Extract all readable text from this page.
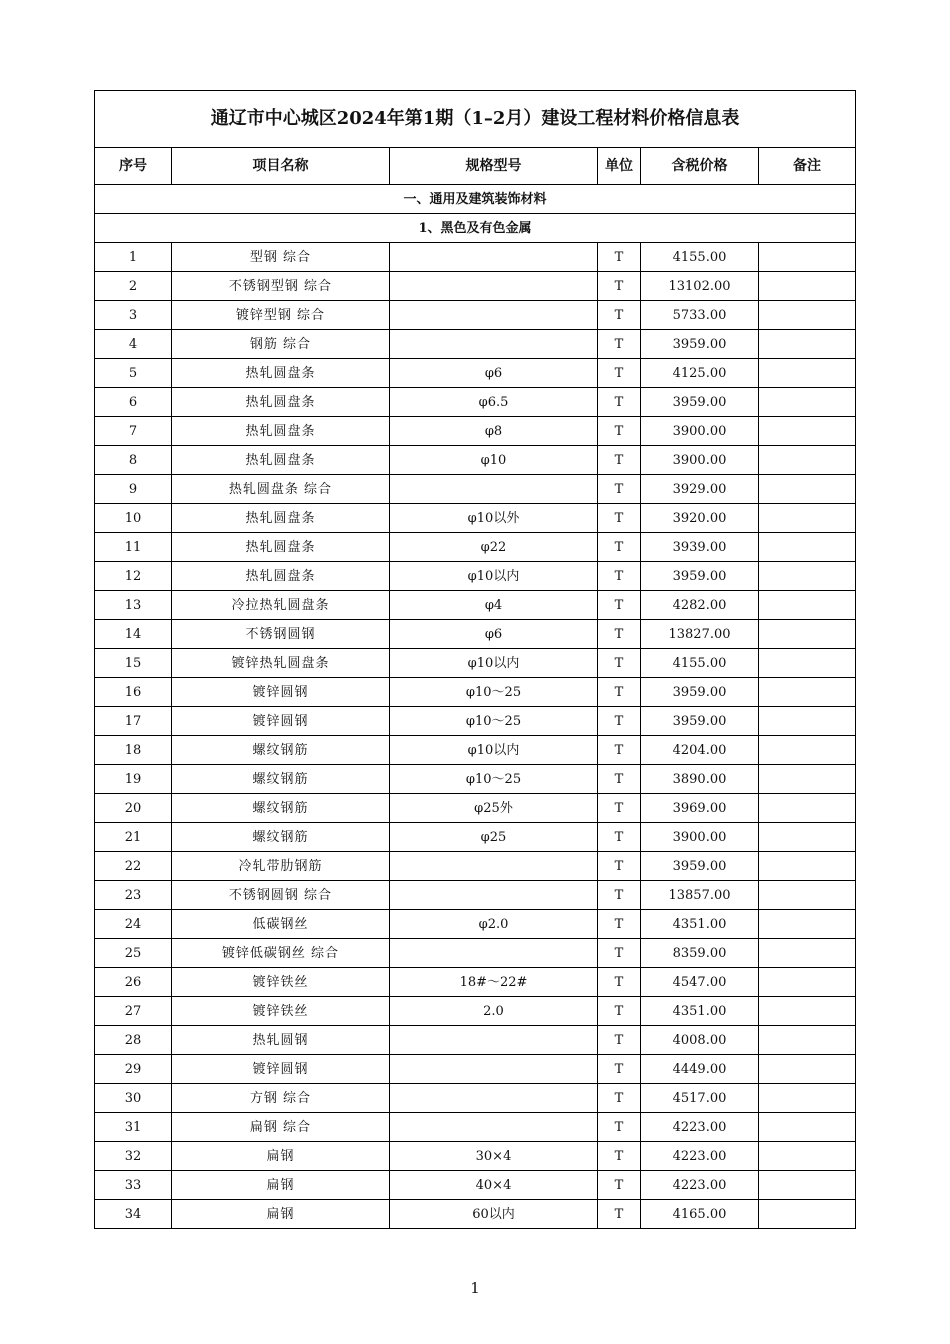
通辽市中心城区2024年第1期（1–2月）建设工程材料价格信息表					
序号	项目名称	规格型号	单位	含税价格	备注
一、通用及建筑装饰材料					
1、黑色及有色金属					
1	型钢 综合		T	4155.00	
2	不锈钢型钢 综合		T	13102.00	
3	镀锌型钢 综合		T	5733.00	
4	钢筋 综合		T	3959.00	
5	热轧圆盘条	φ6	T	4125.00	
6	热轧圆盘条	φ6.5	T	3959.00	
7	热轧圆盘条	φ8	T	3900.00	
8	热轧圆盘条	φ10	T	3900.00	
9	热轧圆盘条 综合		T	3929.00	
10	热轧圆盘条	φ10以外	T	3920.00	
11	热轧圆盘条	φ22	T	3939.00	
12	热轧圆盘条	φ10以内	T	3959.00	
13	冷拉热轧圆盘条	φ4	T	4282.00	
14	不锈钢圆钢	φ6	T	13827.00	
15	镀锌热轧圆盘条	φ10以内	T	4155.00	
16	镀锌圆钢	φ10～25	T	3959.00	
17	镀锌圆钢	φ10～25	T	3959.00	
18	螺纹钢筋	φ10以内	T	4204.00	
19	螺纹钢筋	φ10～25	T	3890.00	
20	螺纹钢筋	φ25外	T	3969.00	
21	螺纹钢筋	φ25	T	3900.00	
22	冷轧带肋钢筋		T	3959.00	
23	不锈钢圆钢 综合		T	13857.00	
24	低碳钢丝	φ2.0	T	4351.00	
25	镀锌低碳钢丝 综合		T	8359.00	
26	镀锌铁丝	18#～22#	T	4547.00	
27	镀锌铁丝	2.0	T	4351.00	
28	热轧圆钢		T	4008.00	
29	镀锌圆钢		T	4449.00	
30	方钢 综合		T	4517.00	
31	扁钢 综合		T	4223.00	
32	扁钢	30×4	T	4223.00	
33	扁钢	40×4	T	4223.00	
34	扁钢	60以内	T	4165.00	
1
